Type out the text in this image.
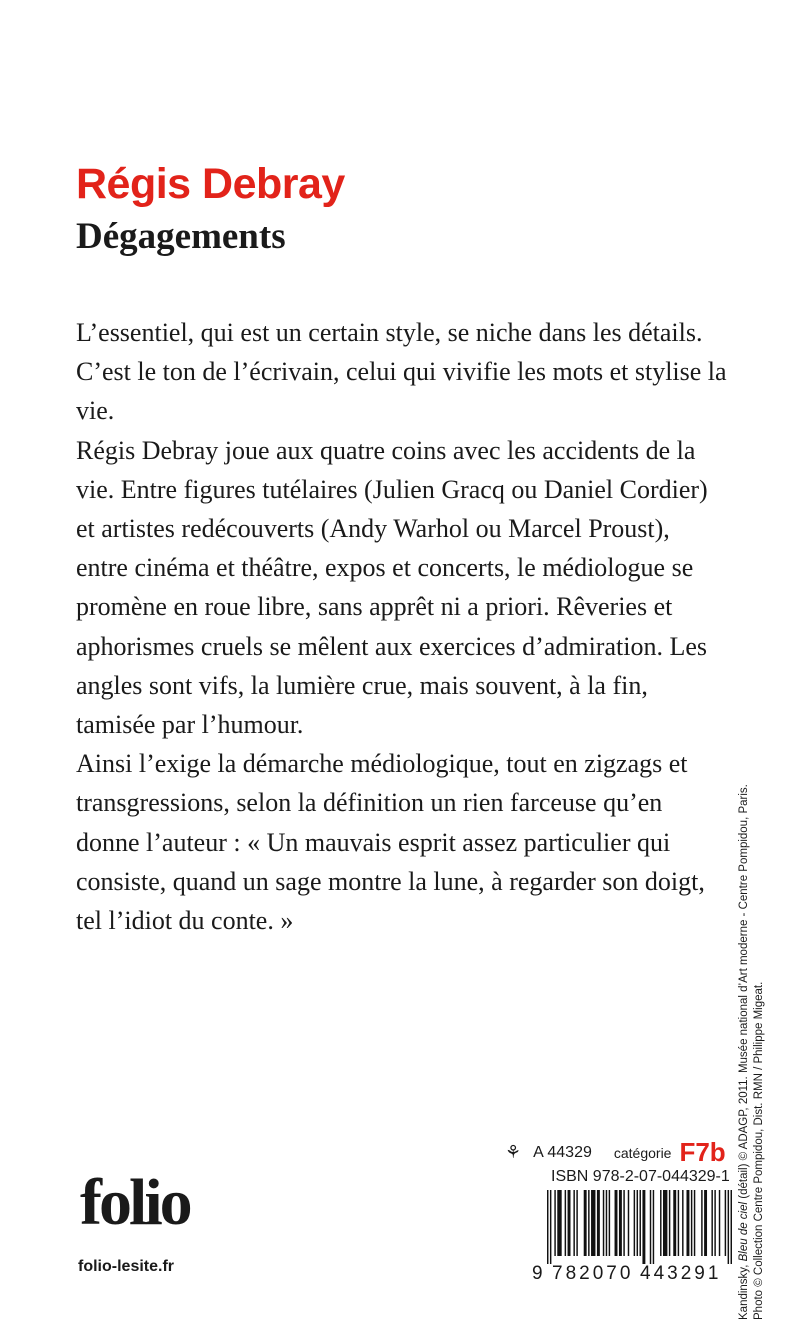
Régis Debray
Dégagements

L’essentiel, qui est un certain style, se niche dans les détails. C’est le ton de l’écrivain, celui qui vivifie les mots et stylise la vie.

Régis Debray joue aux quatre coins avec les accidents de la vie. Entre figures tutélaires (Julien Gracq ou Daniel Cordier) et artistes redécouverts (Andy Warhol ou Marcel Proust), entre cinéma et théâtre, expos et concerts, le médiologue se promène en roue libre, sans apprêt ni a priori. Rêveries et aphorismes cruels se mêlent aux exercices d’admiration. Les angles sont vifs, la lumière crue, mais souvent, à la fin, tamisée par l’humour.

Ainsi l’exige la démarche médiologique, tout en zigzags et transgressions, selon la définition un rien farceuse qu’en donne l’auteur : « Un mauvais esprit assez particulier qui consiste, quand un sage montre la lune, à regarder son doigt, tel l’idiot du conte. »

Kandinsky, Bleu de ciel (détail) © ADAGP, 2011. Musée national d’Art moderne - Centre Pompidou, Paris. Photo © Collection Centre Pompidou, Dist. RMN / Philippe Migeat.
⚘ A 44329 catégorie F7b
ISBN 978-2-07-044329-1
9 782070 443291
folio
folio-lesite.fr
